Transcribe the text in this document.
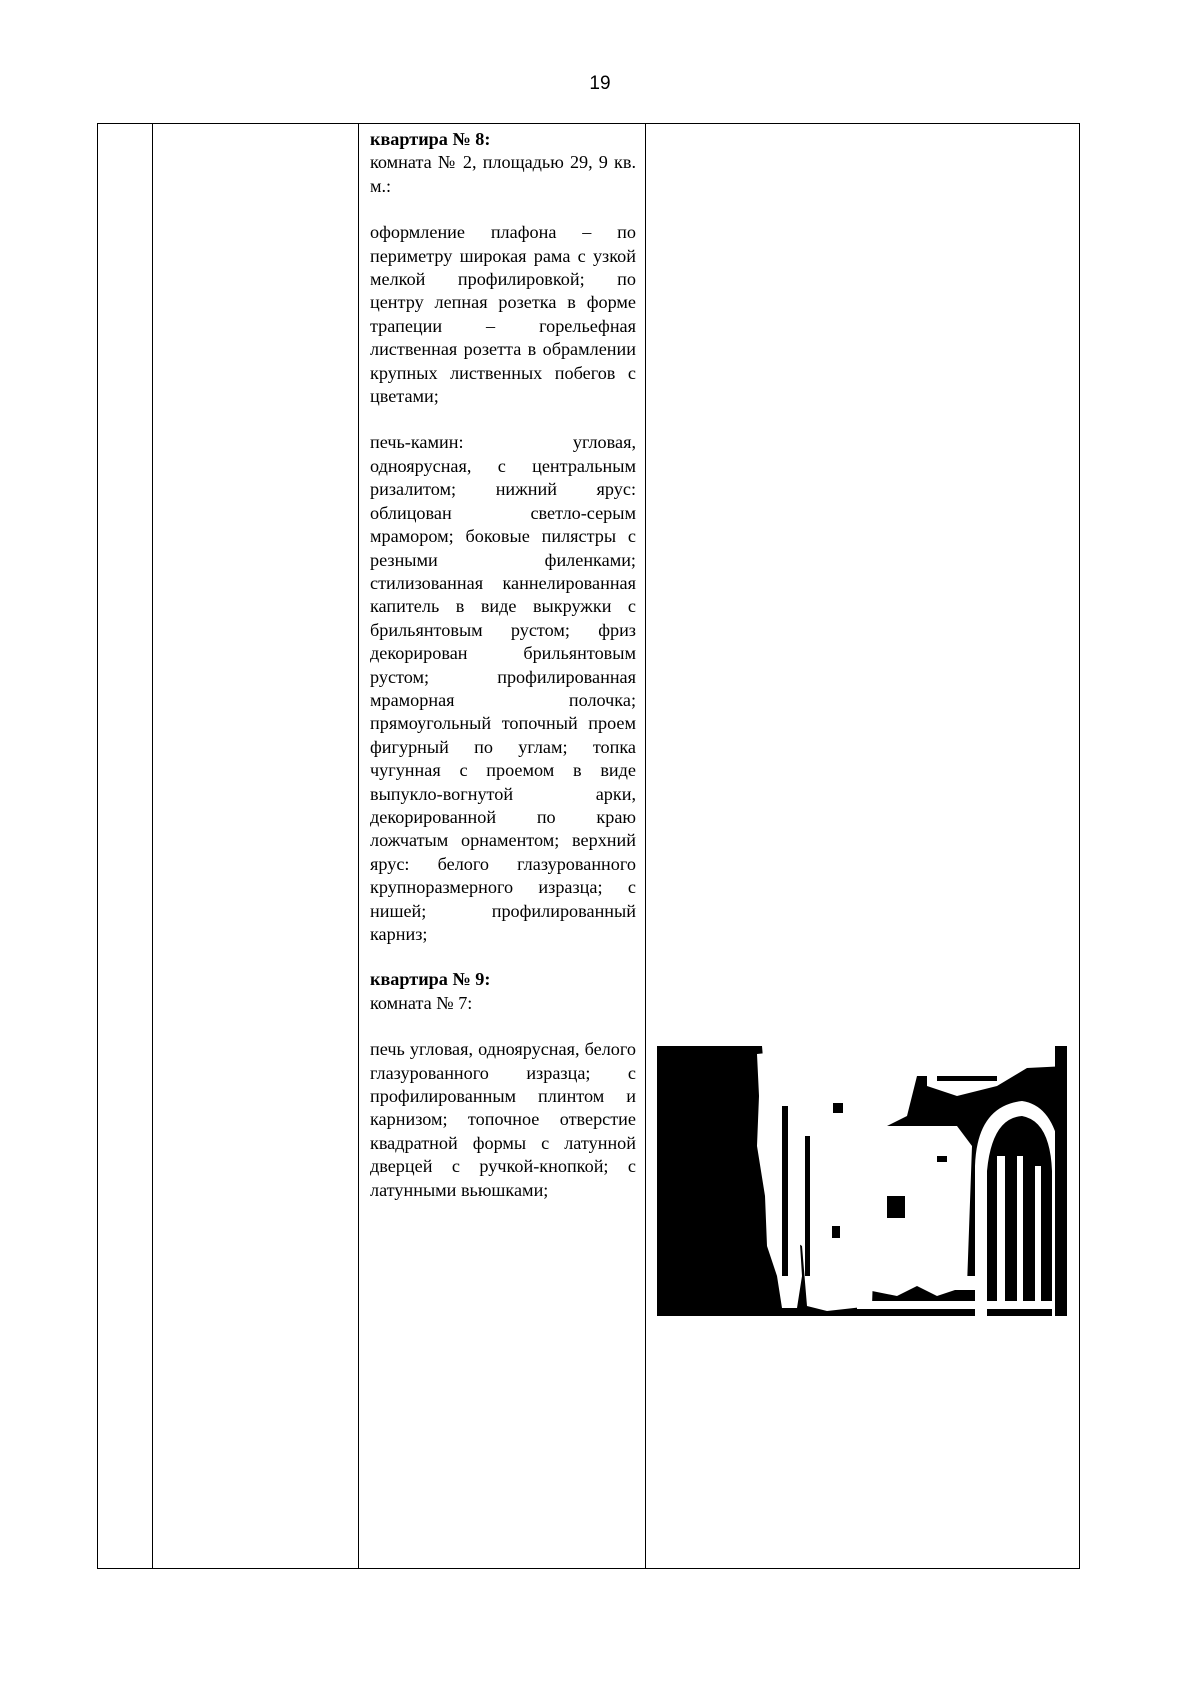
19

квартира № 8:
комната № 2, площадью 29, 9 кв. м.:
оформление плафона – по периметру широкая рама с узкой мелкой профилировкой; по центру лепная розетка в форме трапеции – горельефная лиственная розетта в обрамлении крупных лиственных побегов с цветами;
печь-камин: угловая, одноярусная, с центральным ризалитом; нижний ярус: облицован светло-серым мрамором; боковые пилястры с резными филенками; стилизованная каннелированная капитель в виде выкружки с брильянтовым рустом; фриз декорирован брильянтовым рустом; профилированная мраморная полочка; прямоугольный топочный проем фигурный по углам; топка чугунная с проемом в виде выпукло-вогнутой арки, декорированной по краю ложчатым орнаментом; верхний ярус: белого глазурованного крупноразмерного изразца; с нишей; профилированный карниз;
квартира № 9:
комната № 7:
печь угловая, одноярусная, белого глазурованного изразца; с профилированным плинтом и карнизом; топочное отверстие квадратной формы с латунной дверцей с ручкой-кнопкой; с латунными вьюшками;
